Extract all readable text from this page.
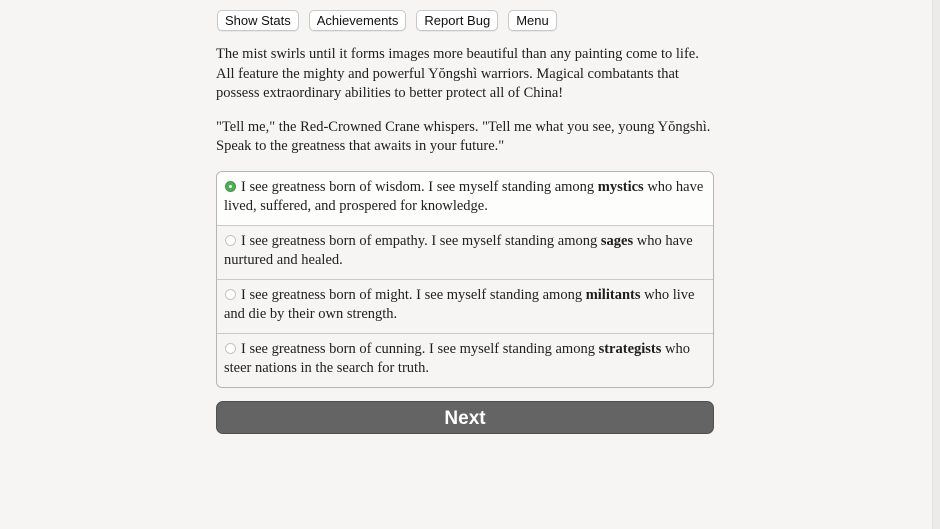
Show Stats	Achievements	Report Bug	Menu

The mist swirls until it forms images more beautiful than any painting come to life. All feature the mighty and powerful Yŏngshì warriors. Magical combatants that possess extraordinary abilities to better protect all of China!

"Tell me," the Red-Crowned Crane whispers. "Tell me what you see, young Yŏngshì. Speak to the greatness that awaits in your future."

I see greatness born of wisdom. I see myself standing among mystics who have lived, suffered, and prospered for knowledge.
I see greatness born of empathy. I see myself standing among sages who have nurtured and healed.
I see greatness born of might. I see myself standing among militants who live and die by their own strength.
I see greatness born of cunning. I see myself standing among strategists who steer nations in the search for truth.
Next
